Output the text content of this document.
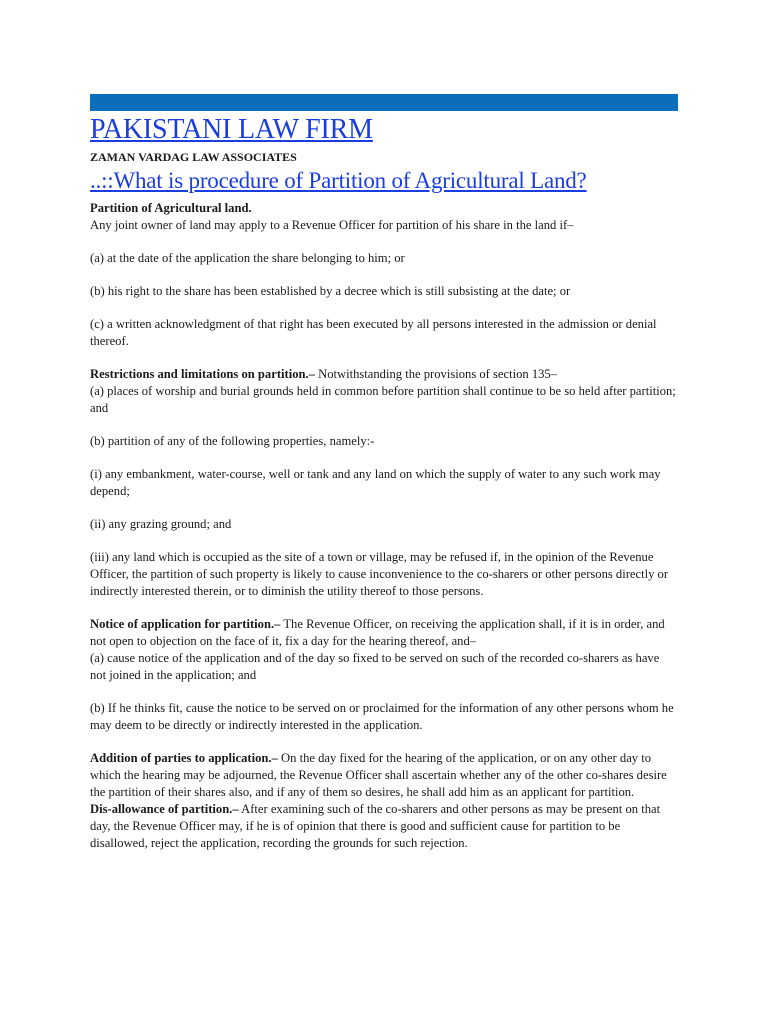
PAKISTANI LAW FIRM
ZAMAN VARDAG LAW ASSOCIATES
..::What is procedure of Partition of Agricultural Land?

Partition of Agricultural land.

Any joint owner of land may apply to a Revenue Officer for partition of his share in the land if–

(a) at the date of the application the share belonging to him; or

(b) his right to the share has been established by a decree which is still subsisting at the date; or

(c) a written acknowledgment of that right has been executed by all persons interested in the admission or denial thereof.

Restrictions and limitations on partition.– Notwithstanding the provisions of section 135–

(a) places of worship and burial grounds held in common before partition shall continue to be so held after partition; and

(b) partition of any of the following properties, namely:-

(i) any embankment, water-course, well or tank and any land on which the supply of water to any such work may depend;

(ii) any grazing ground; and

(iii) any land which is occupied as the site of a town or village, may be refused if, in the opinion of the Revenue Officer, the partition of such property is likely to cause inconvenience to the co-sharers or other persons directly or indirectly interested therein, or to diminish the utility thereof to those persons.

Notice of application for partition.– The Revenue Officer, on receiving the application shall, if it is in order, and not open to objection on the face of it, fix a day for the hearing thereof, and–

(a) cause notice of the application and of the day so fixed to be served on such of the recorded co-sharers as have not joined in the application; and

(b) If he thinks fit, cause the notice to be served on or proclaimed for the information of any other persons whom he may deem to be directly or indirectly interested in the application.

Addition of parties to application.– On the day fixed for the hearing of the application, or on any other day to which the hearing may be adjourned, the Revenue Officer shall ascertain whether any of the other co-shares desire the partition of their shares also, and if any of them so desires, he shall add him as an applicant for partition.

Dis-allowance of partition.– After examining such of the co-sharers and other persons as may be present on that day, the Revenue Officer may, if he is of opinion that there is good and sufficient cause for partition to be disallowed, reject the application, recording the grounds for such rejection.
